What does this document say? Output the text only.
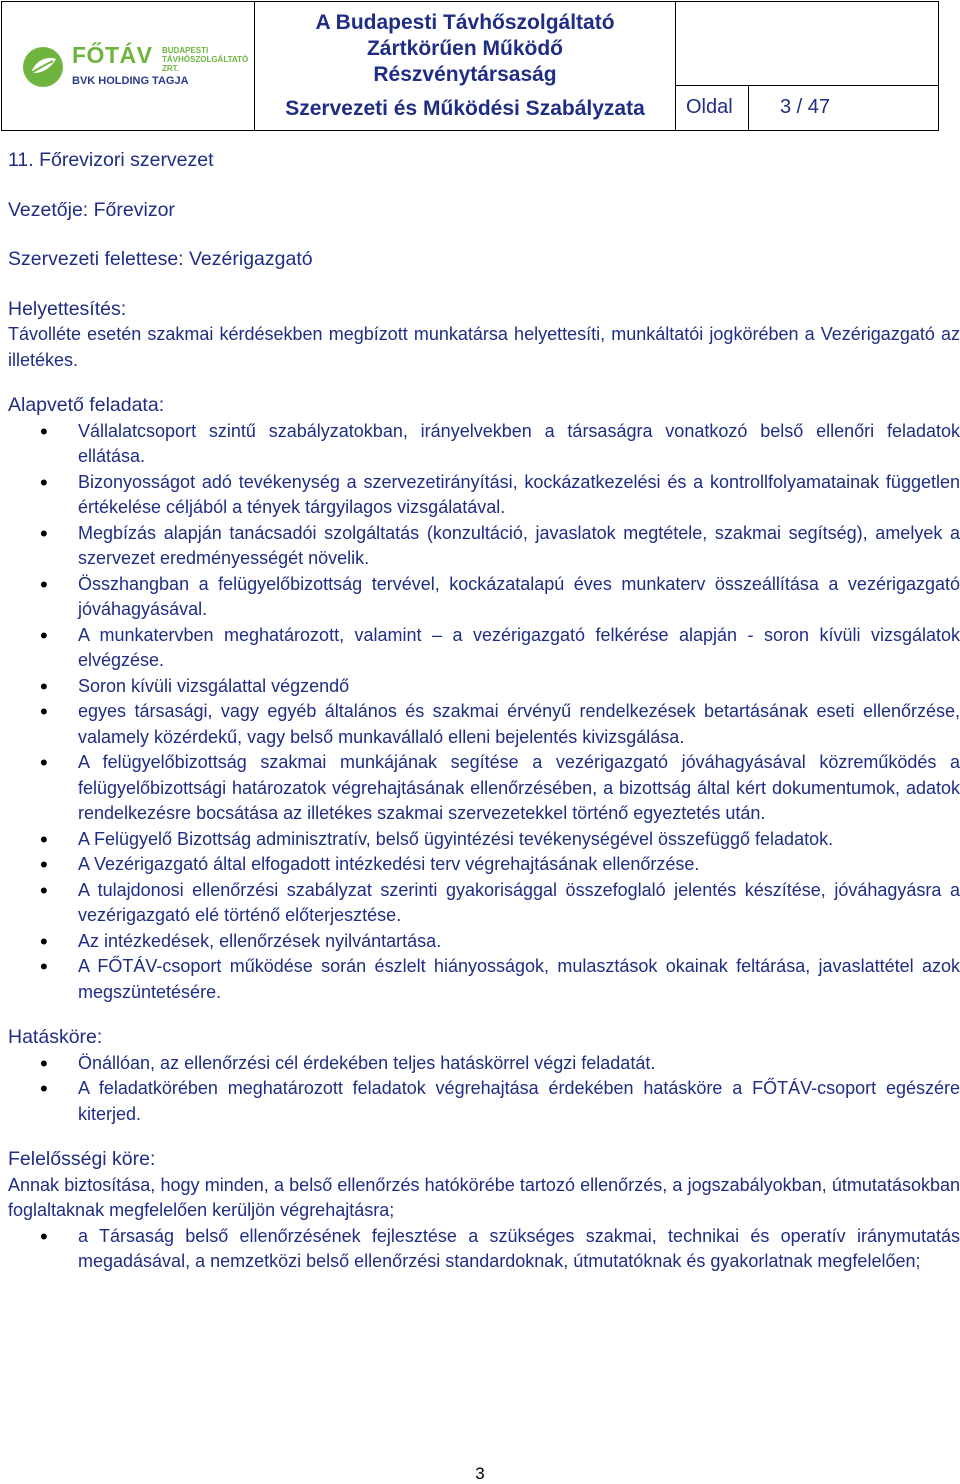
FŐTÁV BUDAPESTI
TÁVHŐSZOLGÁLTATÓ ZRT.
BVK HOLDING TAGJA

A Budapesti Távhőszolgáltató
Zártkörűen Működő
Részvénytársaság
Szervezeti és Működési Szabályzata	Oldal 3 / 47

11. Főrevizori szervezet

Vezetője: Főrevizor

Szervezeti felettese: Vezérigazgató

Helyettesítés:

Távolléte esetén szakmai kérdésekben megbízott munkatársa helyettesíti, munkáltatói jogkörében a Vezérigazgató az illetékes.

Alapvető feladata:

• Vállalatcsoport szintű szabályzatokban, irányelvekben a társaságra vonatkozó belső ellenőri feladatok ellátása.
• Bizonyosságot adó tevékenység a szervezetirányítási, kockázatkezelési és a kontrollfolyamatainak független értékelése céljából a tények tárgyilagos vizsgálatával.
• Megbízás alapján tanácsadói szolgáltatás (konzultáció, javaslatok megtétele, szakmai segítség), amelyek a szervezet eredményességét növelik.
• Összhangban a felügyelőbizottság tervével, kockázatalapú éves munkaterv összeállítása a vezérigazgató jóváhagyásával.
• A munkatervben meghatározott, valamint – a vezérigazgató felkérése alapján - soron kívüli vizsgálatok elvégzése.
• Soron kívüli vizsgálattal végzendő
• egyes társasági, vagy egyéb általános és szakmai érvényű rendelkezések betartásának eseti ellenőrzése, valamely közérdekű, vagy belső munkavállaló elleni bejelentés kivizsgálása.
• A felügyelőbizottság szakmai munkájának segítése a vezérigazgató jóváhagyásával közreműködés a felügyelőbizottsági határozatok végrehajtásának ellenőrzésében, a bizottság által kért dokumentumok, adatok rendelkezésre bocsátása az illetékes szakmai szervezetekkel történő egyeztetés után.
• A Felügyelő Bizottság adminisztratív, belső ügyintézési tevékenységével összefüggő feladatok.
• A Vezérigazgató által elfogadott intézkedési terv végrehajtásának ellenőrzése.
• A tulajdonosi ellenőrzési szabályzat szerinti gyakorisággal összefoglaló jelentés készítése, jóváhagyásra a vezérigazgató elé történő előterjesztése.
• Az intézkedések, ellenőrzések nyilvántartása.
• A FŐTÁV-csoport működése során észlelt hiányosságok, mulasztások okainak feltárása, javaslattétel azok megszüntetésére.

Hatásköre:

• Önállóan, az ellenőrzési cél érdekében teljes hatáskörrel végzi feladatát.
• A feladatkörében meghatározott feladatok végrehajtása érdekében hatásköre a FŐTÁV-csoport egészére kiterjed.

Felelősségi köre:

Annak biztosítása, hogy minden, a belső ellenőrzés hatókörébe tartozó ellenőrzés, a jogszabályokban, útmutatásokban foglaltaknak megfelelően kerüljön végrehajtásra;

• a Társaság belső ellenőrzésének fejlesztése a szükséges szakmai, technikai és operatív iránymutatás megadásával, a nemzetközi belső ellenőrzési standardoknak, útmutatóknak és gyakorlatnak megfelelően;
3
